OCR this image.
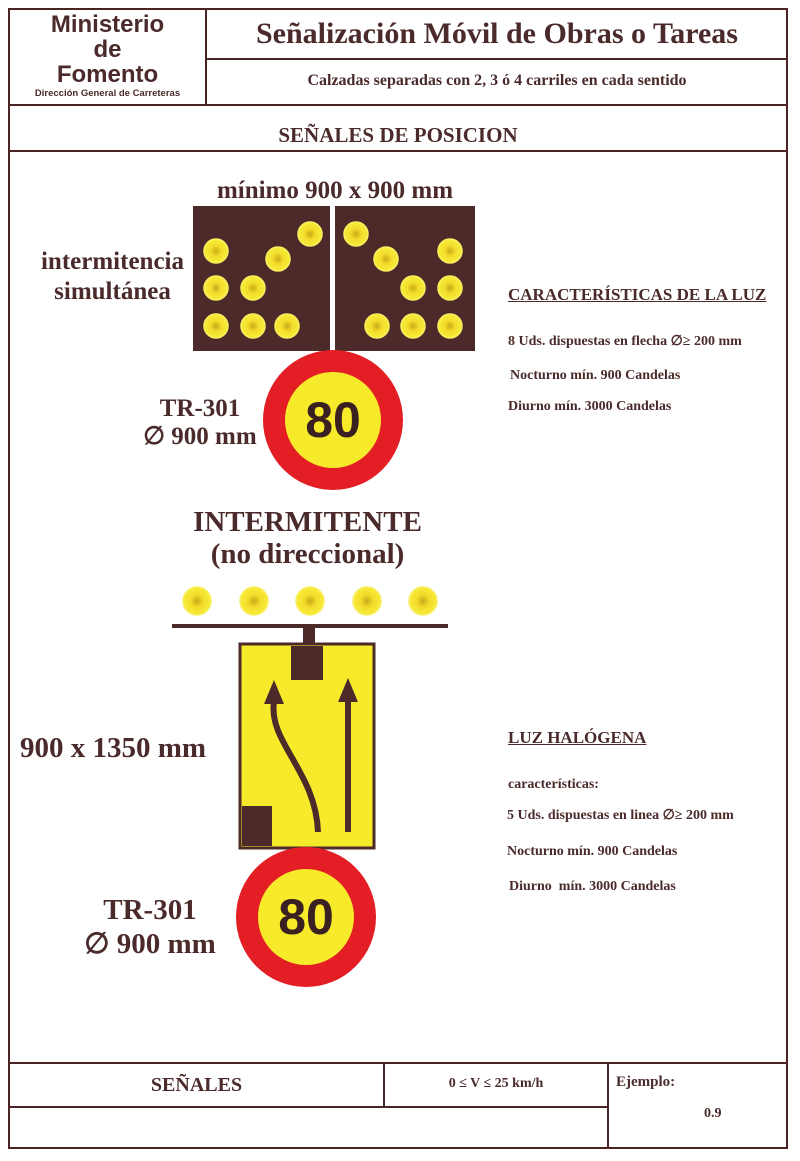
Ministerio
de
Fomento
Dirección General de Carreteras
Señalización Móvil de Obras o Tareas
Calzadas separadas con 2, 3 ó 4 carriles en cada sentido
SEÑALES DE POSICION
mínimo 900 x 900 mm
intermitencia
simultánea
80
TR-301
∅ 900 mm
CARACTERÍSTICAS DE LA LUZ
8 Uds. dispuestas en flecha ∅≥ 200 mm
Nocturno mín. 900 Candelas
Diurno mín. 3000 Candelas
INTERMITENTE
(no direccional)
900 x 1350 mm
80
TR-301
∅ 900 mm
LUZ HALÓGENA
características:
5 Uds. dispuestas en linea ∅≥ 200 mm
Nocturno mín. 900 Candelas
Diurno  mín. 3000 Candelas
SEÑALES	0 ≤ V ≤ 25 km/h	Ejemplo:
0.9
